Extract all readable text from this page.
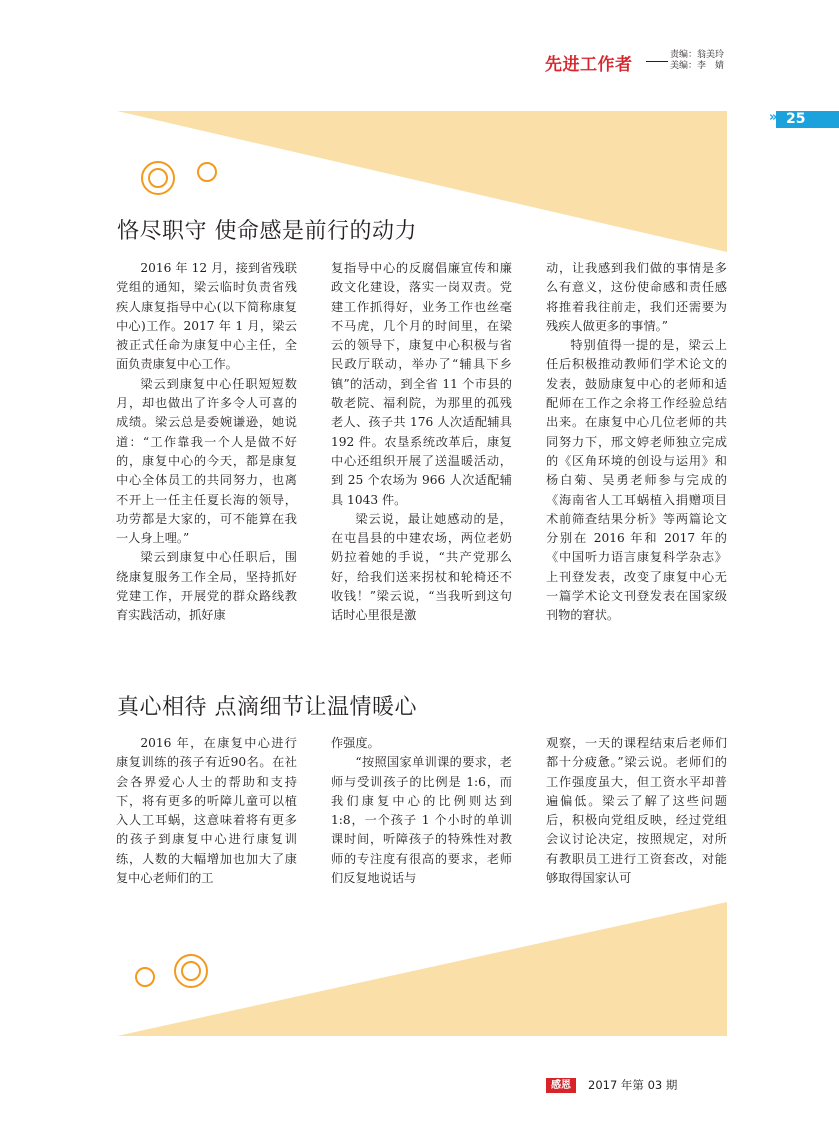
先进工作者	责编：翁美玲
美编：李　婧
» 25
恪尽职守 使命感是前行的动力

2016 年 12 月，接到省残联党组的通知，梁云临时负责省残疾人康复指导中心(以下简称康复中心)工作。2017 年 1 月，梁云被正式任命为康复中心主任，全面负责康复中心工作。

梁云到康复中心任职短短数月，却也做出了许多令人可喜的成绩。梁云总是委婉谦逊，她说道：“工作靠我一个人是做不好的，康复中心的今天，都是康复中心全体员工的共同努力，也离不开上一任主任夏长海的领导，功劳都是大家的，可不能算在我一人身上哩。”

梁云到康复中心任职后，围绕康复服务工作全局，坚持抓好党建工作，开展党的群众路线教育实践活动，抓好康

复指导中心的反腐倡廉宣传和廉政文化建设，落实一岗双责。党建工作抓得好，业务工作也丝毫不马虎，几个月的时间里，在梁云的领导下，康复中心积极与省民政厅联动，举办了“辅具下乡镇”的活动，到全省 11 个市县的敬老院、福利院，为那里的孤残老人、孩子共 176 人次适配辅具 192 件。农垦系统改革后，康复中心还组织开展了送温暖活动，到 25 个农场为 966 人次适配辅具 1043 件。

梁云说，最让她感动的是，在屯昌县的中建农场，两位老奶奶拉着她的手说，“共产党那么好，给我们送来拐杖和轮椅还不收钱！”梁云说，“当我听到这句话时心里很是激

动，让我感到我们做的事情是多么有意义，这份使命感和责任感将推着我往前走，我们还需要为残疾人做更多的事情。”

特别值得一提的是，梁云上任后积极推动教师们学术论文的发表，鼓励康复中心的老师和适配师在工作之余将工作经验总结出来。在康复中心几位老师的共同努力下，邢文婷老师独立完成的《区角环境的创设与运用》和杨白菊、吴勇老师参与完成的《海南省人工耳蜗植入捐赠项目术前筛查结果分析》等两篇论文分别在 2016 年和 2017 年的《中国听力语言康复科学杂志》上刊登发表，改变了康复中心无一篇学术论文刊登发表在国家级刊物的窘状。

真心相待 点滴细节让温情暖心

2016 年，在康复中心进行康复训练的孩子有近90名。在社会各界爱心人士的帮助和支持下，将有更多的听障儿童可以植入人工耳蜗，这意味着将有更多的孩子到康复中心进行康复训练，人数的大幅增加也加大了康复中心老师们的工

作强度。

“按照国家单训课的要求，老师与受训孩子的比例是 1:6，而我们康复中心的比例则达到 1:8，一个孩子 1 个小时的单训课时间，听障孩子的特殊性对教师的专注度有很高的要求，老师们反复地说话与

观察，一天的课程结束后老师们都十分疲惫。”梁云说。老师们的工作强度虽大，但工资水平却普遍偏低。梁云了解了这些问题后，积极向党组反映，经过党组会议讨论决定，按照规定，对所有教职员工进行工资套改，对能够取得国家认可

感恩	2017 年第 03 期
